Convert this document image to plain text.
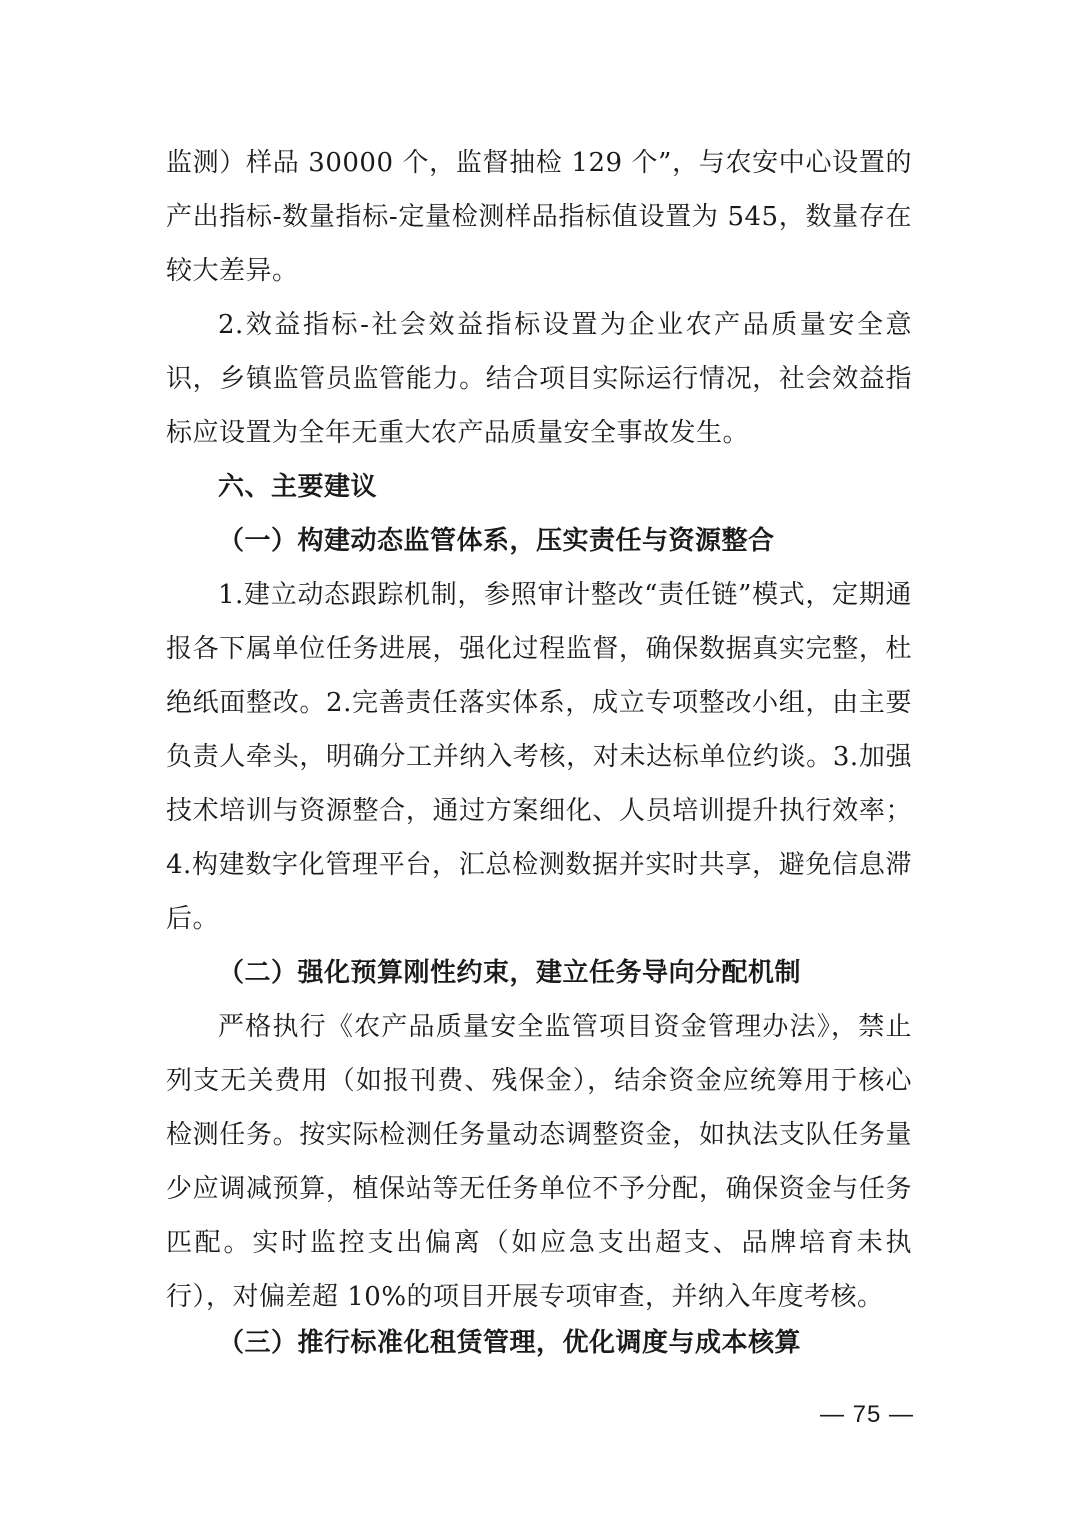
监测）样品 30000 个，监督抽检 129 个”，与农安中心设置的产出指标-数量指标-定量检测样品指标值设置为 545，数量存在较大差异。

2.效益指标-社会效益指标设置为企业农产品质量安全意识，乡镇监管员监管能力。结合项目实际运行情况，社会效益指标应设置为全年无重大农产品质量安全事故发生。

六、主要建议
（一）构建动态监管体系，压实责任与资源整合

1.建立动态跟踪机制，参照审计整改“责任链”模式，定期通报各下属单位任务进展，强化过程监督，确保数据真实完整，杜绝纸面整改。2.完善责任落实体系，成立专项整改小组，由主要负责人牵头，明确分工并纳入考核，对未达标单位约谈。3.加强技术培训与资源整合，通过方案细化、人员培训提升执行效率；4.构建数字化管理平台，汇总检测数据并实时共享，避免信息滞后。

（二）强化预算刚性约束，建立任务导向分配机制

严格执行《农产品质量安全监管项目资金管理办法》，禁止列支无关费用（如报刊费、残保金），结余资金应统筹用于核心检测任务。按实际检测任务量动态调整资金，如执法支队任务量少应调减预算，植保站等无任务单位不予分配，确保资金与任务匹配。实时监控支出偏离（如应急支出超支、品牌培育未执行），对偏差超 10%的项目开展专项审查，并纳入年度考核。

（三）推行标准化租赁管理，优化调度与成本核算
— 75 —
